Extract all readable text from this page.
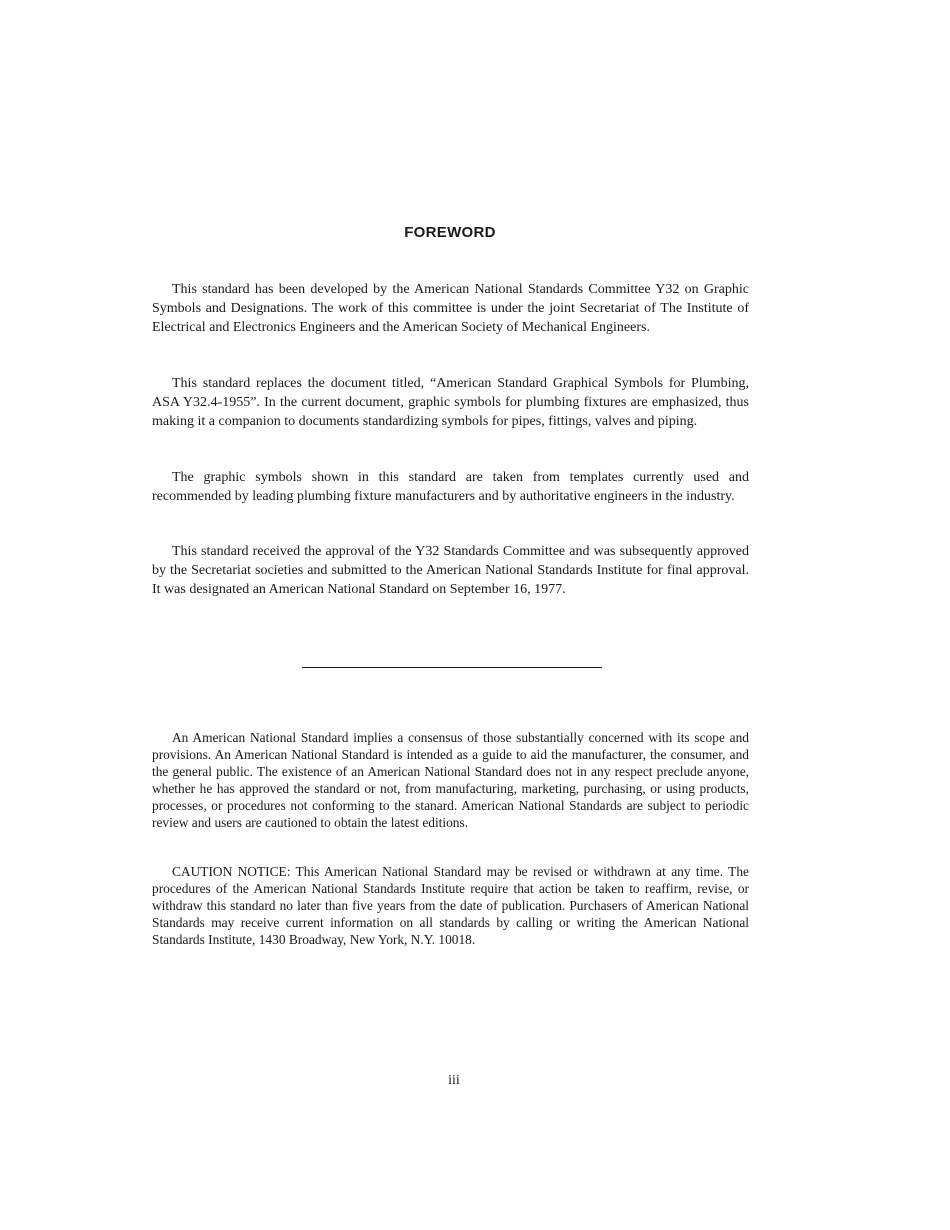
FOREWORD

This standard has been developed by the American National Standards Committee Y32 on Graphic Symbols and Designations. The work of this committee is under the joint Secretariat of The Institute of Electrical and Electronics Engineers and the American Society of Mechanical Engineers.

This standard replaces the document titled, “American Standard Graphical Symbols for Plumbing, ASA Y32.4-1955”. In the current document, graphic symbols for plumbing fixtures are emphasized, thus making it a companion to documents standardizing symbols for pipes, fittings, valves and piping.

The graphic symbols shown in this standard are taken from templates currently used and recommended by leading plumbing fixture manufacturers and by authoritative engineers in the industry.

This standard received the approval of the Y32 Standards Committee and was subsequently approved by the Secretariat societies and submitted to the American National Standards Institute for final approval. It was designated an American National Standard on September 16, 1977.

An American National Standard implies a consensus of those substantially concerned with its scope and provisions. An American National Standard is intended as a guide to aid the manufacturer, the consumer, and the general public. The existence of an American National Standard does not in any respect preclude anyone, whether he has approved the standard or not, from manufacturing, marketing, purchasing, or using products, processes, or procedures not conforming to the stanard. American National Standards are subject to periodic review and users are cautioned to obtain the latest editions.

CAUTION NOTICE: This American National Standard may be revised or withdrawn at any time. The procedures of the American National Standards Institute require that action be taken to reaffirm, revise, or withdraw this standard no later than five years from the date of publication. Purchasers of American National Standards may receive current information on all standards by calling or writing the American National Standards Institute, 1430 Broadway, New York, N.Y. 10018.

iii
